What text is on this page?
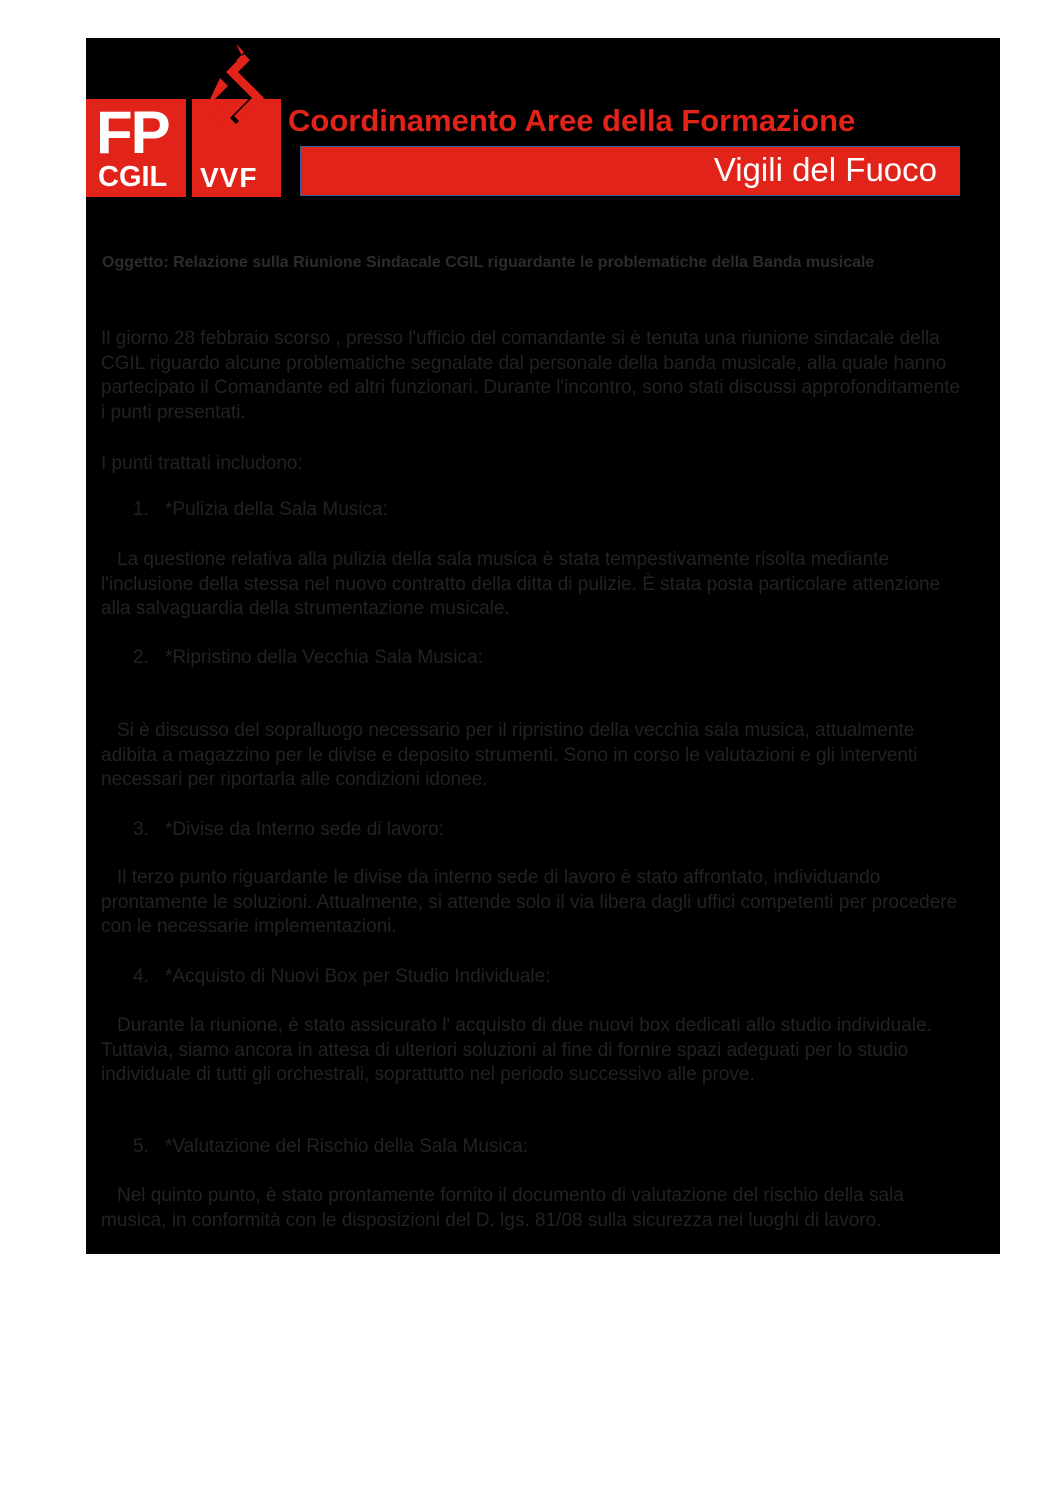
FP
CGIL VVF
Coordinamento Aree della Formazione
Vigili del Fuoco
Oggetto: Relazione sulla Riunione Sindacale CGIL riguardante le problematiche della Banda musicale
Il giorno 28 febbraio scorso , presso l'ufficio del comandante si è tenuta una riunione sindacale della CGIL riguardo alcune problematiche segnalate dal personale della banda musicale, alla quale hanno partecipato il Comandante ed altri funzionari. Durante l'incontro, sono stati discussi approfonditamente i punti presentati.
I punti trattati includono:
1. *Pulizia della Sala Musica:
La questione relativa alla pulizia della sala musica è stata tempestivamente risolta mediante l'inclusione della stessa nel nuovo contratto della ditta di pulizie. È stata posta particolare attenzione alla salvaguardia della strumentazione musicale.
2. *Ripristino della Vecchia Sala Musica:
Si è discusso del sopralluogo necessario per il ripristino della vecchia sala musica, attualmente adibita a magazzino per le divise e deposito strumenti. Sono in corso le valutazioni e gli interventi necessari per riportarla alle condizioni idonee.
3. *Divise da Interno sede di lavoro:
Il terzo punto riguardante le divise da interno sede di lavoro è stato affrontato, individuando prontamente le soluzioni. Attualmente, si attende solo il via libera dagli uffici competenti per procedere con le necessarie implementazioni.
4. *Acquisto di Nuovi Box per Studio Individuale:
Durante la riunione, è stato assicurato l' acquisto di due nuovi box dedicati allo studio individuale. Tuttavia, siamo ancora in attesa di ulteriori soluzioni al fine di fornire spazi adeguati per lo studio individuale di tutti gli orchestrali, soprattutto nel periodo successivo alle prove.
5. *Valutazione del Rischio della Sala Musica:
Nel quinto punto, è stato prontamente fornito il documento di valutazione del rischio della sala musica, in conformità con le disposizioni del D. lgs. 81/08 sulla sicurezza nei luoghi di lavoro.
